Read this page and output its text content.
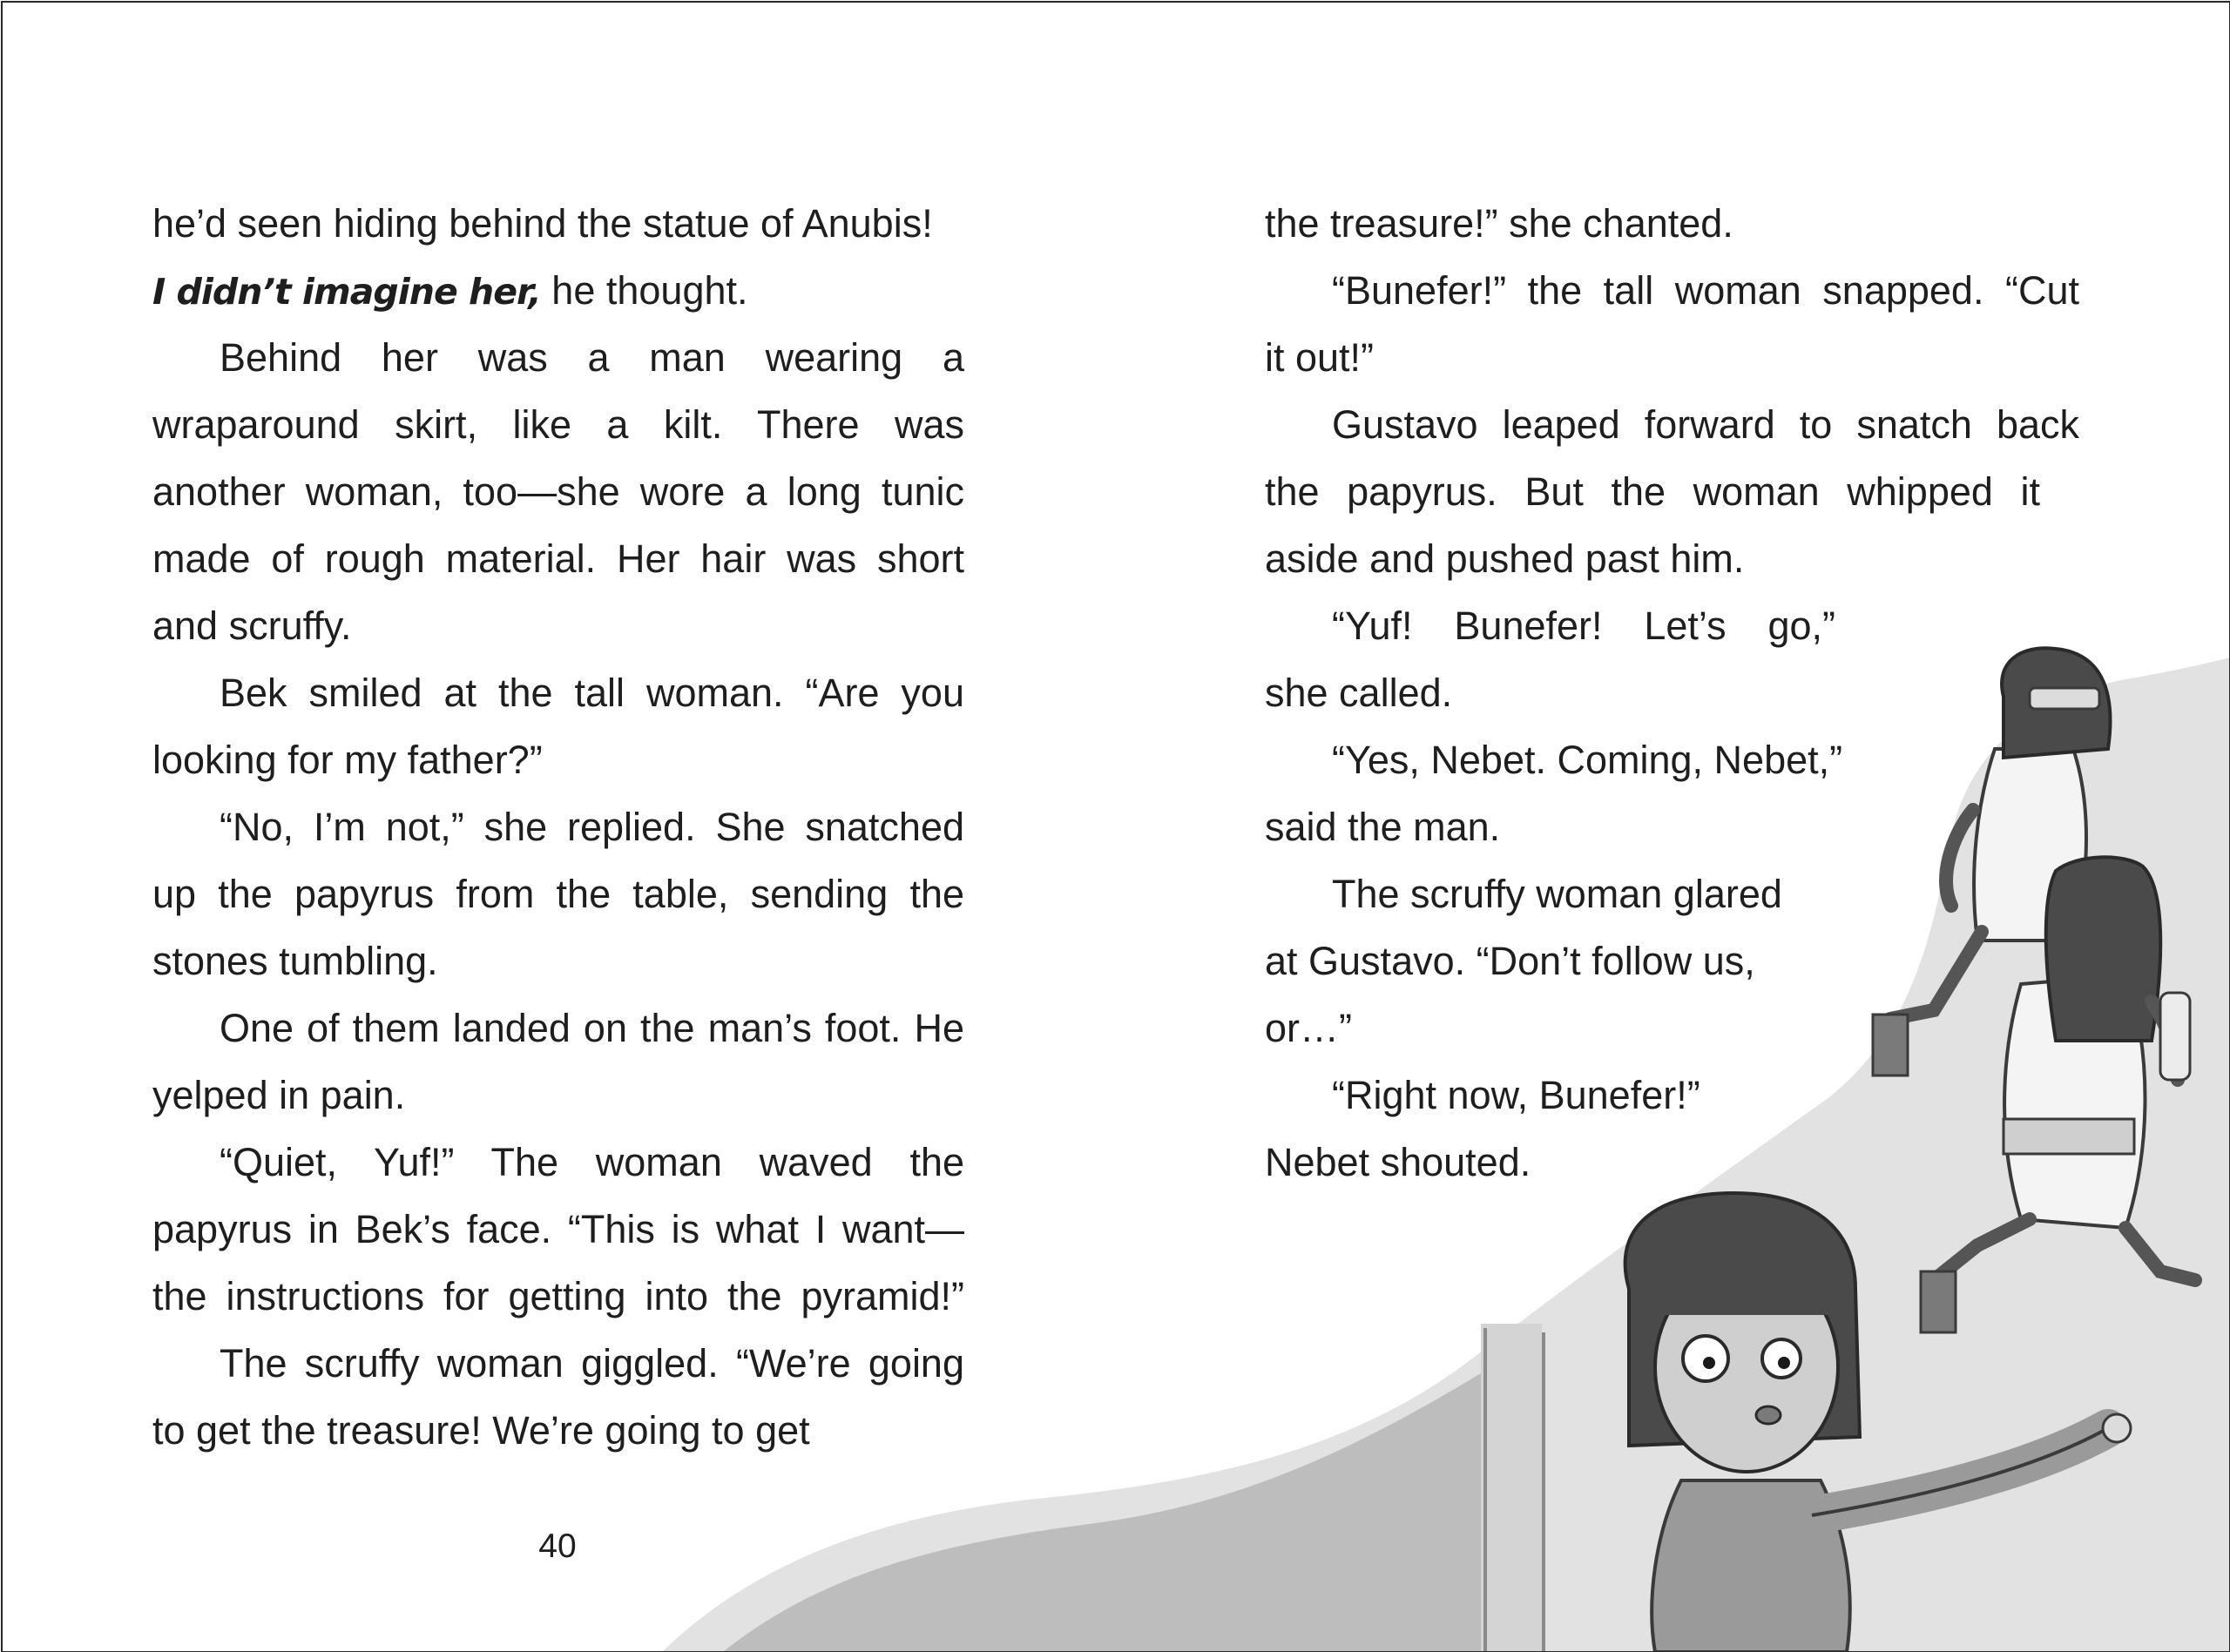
he’d seen hiding behind the statue of Anubis!
I didn’t imagine her, he thought.
Behind her was a man wearing a
wraparound skirt, like a kilt. There was
another woman, too—she wore a long tunic
made of rough material. Her hair was short
and scruffy.
Bek smiled at the tall woman. “Are you
looking for my father?”
“No, I’m not,” she replied. She snatched
up the papyrus from the table, sending the
stones tumbling.
One of them landed on the man’s foot. He
yelped in pain.
“Quiet, Yuf!” The woman waved the
papyrus in Bek’s face. “This is what I want—
the instructions for getting into the pyramid!”
The scruffy woman giggled. “We’re going
to get the treasure! We’re going to get
40
the treasure!” she chanted.
“Bunefer!” the tall woman snapped. “Cut
it out!”
Gustavo leaped forward to snatch back
the papyrus. But the woman whipped it
aside and pushed past him.
“Yuf! Bunefer! Let’s go,”
she called.
“Yes, Nebet. Coming, Nebet,”
said the man.
The scruffy woman glared
at Gustavo. “Don’t follow us,
or…”
“Right now, Bunefer!”
Nebet shouted.
